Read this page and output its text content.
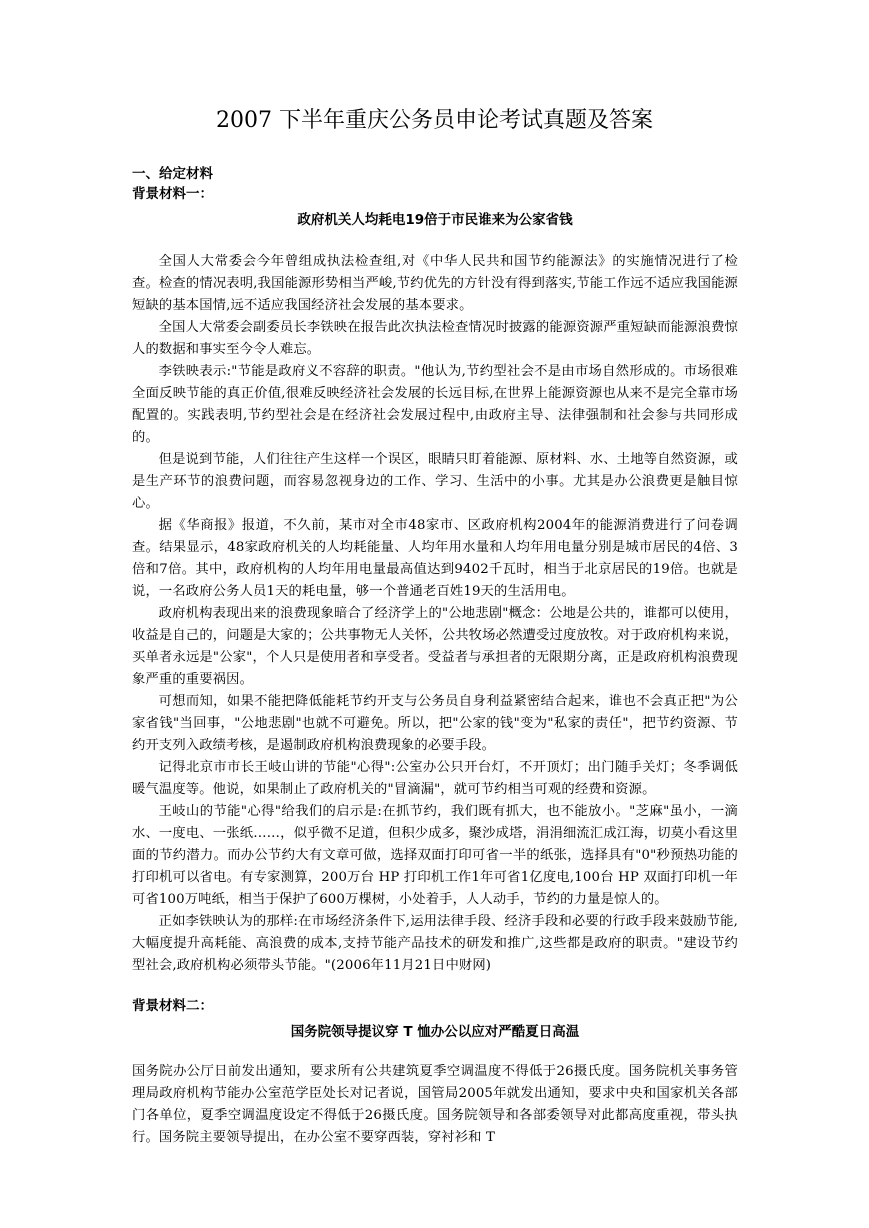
2007 下半年重庆公务员申论考试真题及答案
一、给定材料
背景材料一：
政府机关人均耗电19倍于市民谁来为公家省钱

全国人大常委会今年曾组成执法检查组,对《中华人民共和国节约能源法》的实施情况进行了检查。检查的情况表明,我国能源形势相当严峻,节约优先的方针没有得到落实,节能工作远不适应我国能源短缺的基本国情,远不适应我国经济社会发展的基本要求。

全国人大常委会副委员长李铁映在报告此次执法检查情况时披露的能源资源严重短缺而能源浪费惊人的数据和事实至今令人难忘。

李铁映表示:"节能是政府义不容辞的职责。"他认为,节约型社会不是由市场自然形成的。市场很难全面反映节能的真正价值,很难反映经济社会发展的长远目标,在世界上能源资源也从来不是完全靠市场配置的。实践表明,节约型社会是在经济社会发展过程中,由政府主导、法律强制和社会参与共同形成的。

但是说到节能，人们往往产生这样一个误区，眼睛只盯着能源、原材料、水、土地等自然资源，或是生产环节的浪费问题，而容易忽视身边的工作、学习、生活中的小事。尤其是办公浪费更是触目惊心。

据《华商报》报道，不久前，某市对全市48家市、区政府机构2004年的能源消费进行了问卷调查。结果显示，48家政府机关的人均耗能量、人均年用水量和人均年用电量分别是城市居民的4倍、3倍和7倍。其中，政府机构的人均年用电量最高值达到9402千瓦时，相当于北京居民的19倍。也就是说，一名政府公务人员1天的耗电量，够一个普通老百姓19天的生活用电。

政府机构表现出来的浪费现象暗合了经济学上的"公地悲剧"概念：公地是公共的，谁都可以使用，收益是自己的，问题是大家的；公共事物无人关怀，公共牧场必然遭受过度放牧。对于政府机构来说，买单者永远是"公家"，个人只是使用者和享受者。受益者与承担者的无限期分离，正是政府机构浪费现象严重的重要祸因。

可想而知，如果不能把降低能耗节约开支与公务员自身利益紧密结合起来，谁也不会真正把"为公家省钱"当回事，"公地悲剧"也就不可避免。所以，把"公家的钱"变为"私家的责任"，把节约资源、节约开支列入政绩考核，是遏制政府机构浪费现象的必要手段。

记得北京市市长王岐山讲的节能"心得":公室办公只开台灯，不开顶灯；出门随手关灯；冬季调低暖气温度等。他说，如果制止了政府机关的"冒滴漏"，就可节约相当可观的经费和资源。

王岐山的节能"心得"给我们的启示是:在抓节约，我们既有抓大，也不能放小。"芝麻"虽小，一滴水、一度电、一张纸……，似乎微不足道，但积少成多，聚沙成塔，涓涓细流汇成江海，切莫小看这里面的节约潜力。而办公节约大有文章可做，选择双面打印可省一半的纸张，选择具有"0"秒预热功能的打印机可以省电。有专家测算，200万台 HP 打印机工作1年可省1亿度电,100台 HP 双面打印机一年可省100万吨纸，相当于保护了600万棵树，小处着手，人人动手，节约的力量是惊人的。

正如李铁映认为的那样:在市场经济条件下,运用法律手段、经济手段和必要的行政手段来鼓励节能,大幅度提升高耗能、高浪费的成本,支持节能产品技术的研发和推广,这些都是政府的职责。"建设节约型社会,政府机构必须带头节能。"(2006年11月21日中财网)

背景材料二：
国务院领导提议穿 T 恤办公以应对严酷夏日高温

国务院办公厅日前发出通知，要求所有公共建筑夏季空调温度不得低于26摄氏度。国务院机关事务管理局政府机构节能办公室范学臣处长对记者说，国管局2005年就发出通知，要求中央和国家机关各部门各单位，夏季空调温度设定不得低于26摄氏度。国务院领导和各部委领导对此都高度重视，带头执行。国务院主要领导提出，在办公室不要穿西装，穿衬衫和 T
